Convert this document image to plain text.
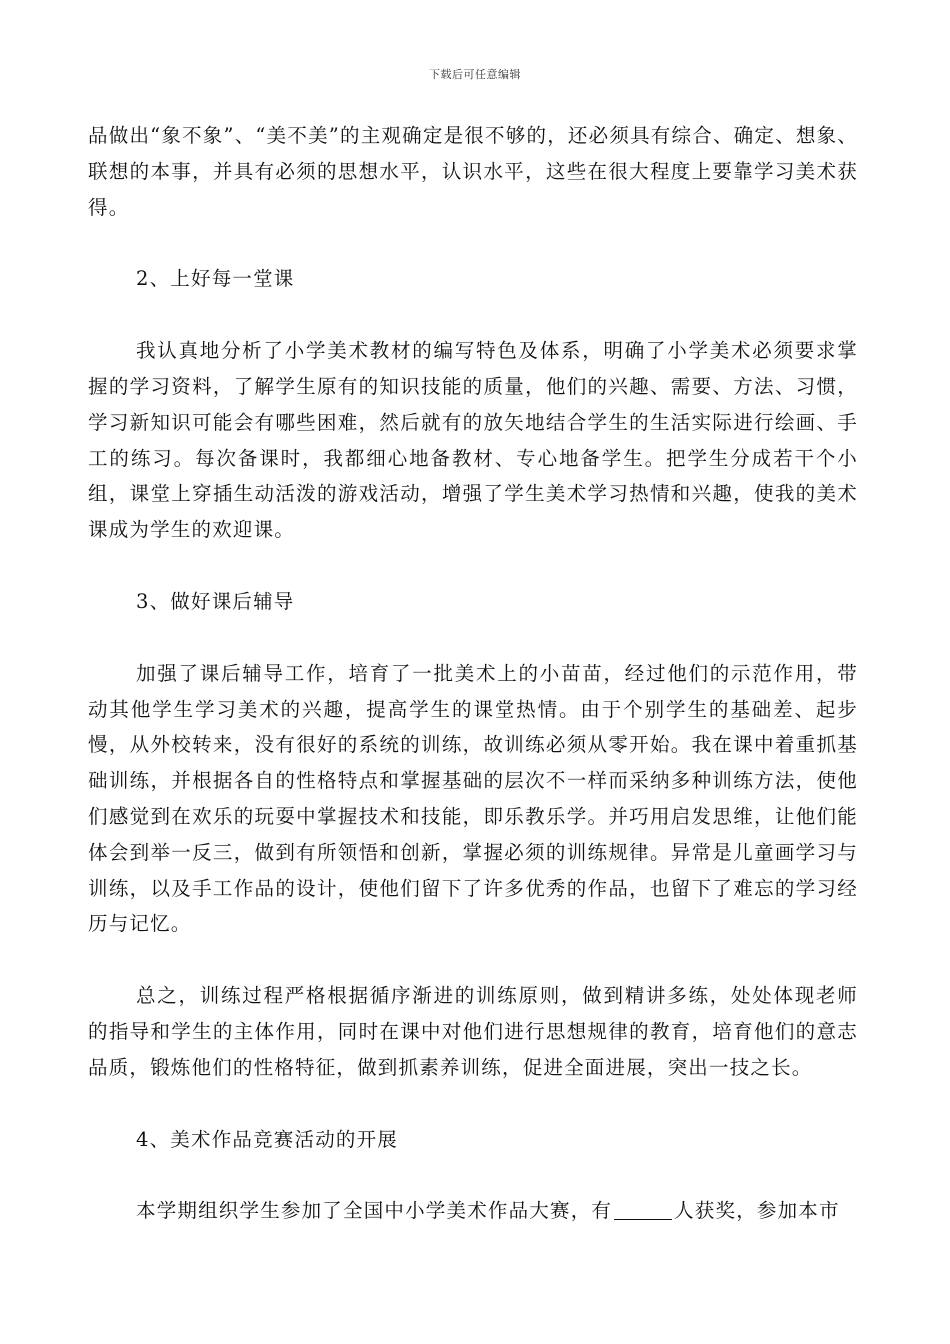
下载后可任意编辑

品做出“象不象”、“美不美”的主观确定是很不够的，还必须具有综合、确定、想象、联想的本事，并具有必须的思想水平，认识水平，这些在很大程度上要靠学习美术获得。

2、上好每一堂课

我认真地分析了小学美术教材的编写特色及体系，明确了小学美术必须要求掌握的学习资料，了解学生原有的知识技能的质量，他们的兴趣、需要、方法、习惯，学习新知识可能会有哪些困难，然后就有的放矢地结合学生的生活实际进行绘画、手工的练习。每次备课时，我都细心地备教材、专心地备学生。把学生分成若干个小组，课堂上穿插生动活泼的游戏活动，增强了学生美术学习热情和兴趣，使我的美术课成为学生的欢迎课。

3、做好课后辅导

加强了课后辅导工作，培育了一批美术上的小苗苗，经过他们的示范作用，带动其他学生学习美术的兴趣，提高学生的课堂热情。由于个别学生的基础差、起步慢，从外校转来，没有很好的系统的训练，故训练必须从零开始。我在课中着重抓基础训练，并根据各自的性格特点和掌握基础的层次不一样而采纳多种训练方法，使他们感觉到在欢乐的玩耍中掌握技术和技能，即乐教乐学。并巧用启发思维，让他们能体会到举一反三，做到有所领悟和创新，掌握必须的训练规律。异常是儿童画学习与训练，以及手工作品的设计，使他们留下了许多优秀的作品，也留下了难忘的学习经历与记忆。

总之，训练过程严格根据循序渐进的训练原则，做到精讲多练，处处体现老师的指导和学生的主体作用，同时在课中对他们进行思想规律的教育，培育他们的意志品质，锻炼他们的性格特征，做到抓素养训练，促进全面进展，突出一技之长。

4、美术作品竞赛活动的开展

本学期组织学生参加了全国中小学美术作品大赛，有	人获奖，参加本市
